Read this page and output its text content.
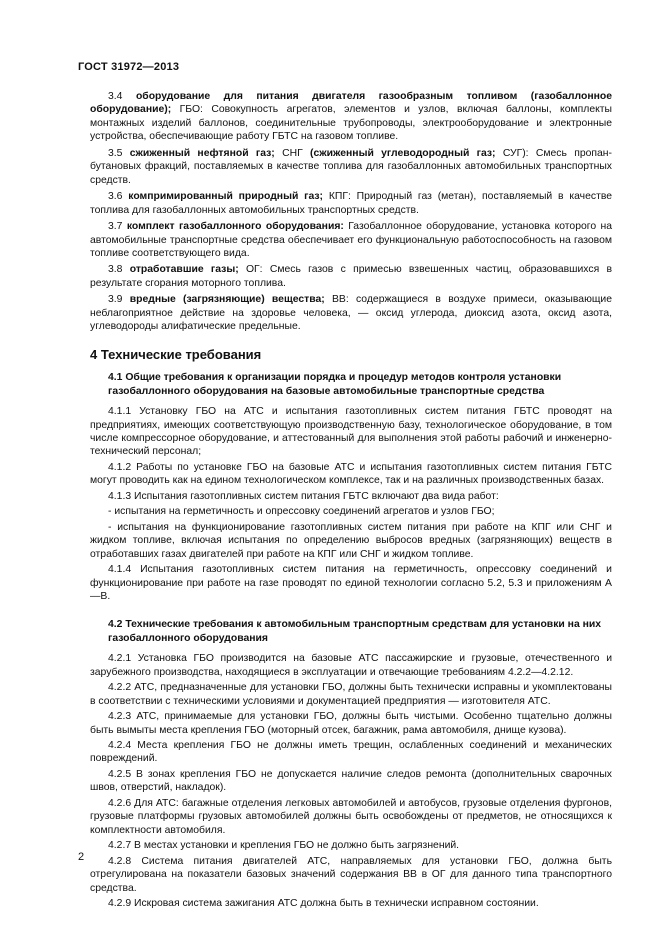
ГОСТ 31972—2013

3.4 оборудование для питания двигателя газообразным топливом (газобаллонное оборудование); ГБО: Совокупность агрегатов, элементов и узлов, включая баллоны, комплекты монтажных изделий баллонов, соединительные трубопроводы, электрооборудование и электронные устройства, обеспечивающие работу ГБТС на газовом топливе.

3.5 сжиженный нефтяной газ; СНГ (сжиженный углеводородный газ; СУГ): Смесь пропан-бутановых фракций, поставляемых в качестве топлива для газобаллонных автомобильных транспортных средств.

3.6 компримированный природный газ; КПГ: Природный газ (метан), поставляемый в качестве топлива для газобаллонных автомобильных транспортных средств.

3.7 комплект газобаллонного оборудования: Газобаллонное оборудование, установка которого на автомобильные транспортные средства обеспечивает его функциональную работоспособность на газовом топливе соответствующего вида.

3.8 отработавшие газы; ОГ: Смесь газов с примесью взвешенных частиц, образовавшихся в результате сгорания моторного топлива.

3.9 вредные (загрязняющие) вещества; ВВ: содержащиеся в воздухе примеси, оказывающие неблагоприятное действие на здоровье человека, — оксид углерода, диоксид азота, оксид азота, углеводороды алифатические предельные.

4 Технические требования
4.1 Общие требования к организации порядка и процедур методов контроля установки газобаллонного оборудования на базовые автомобильные транспортные средства

4.1.1 Установку ГБО на АТС и испытания газотопливных систем питания ГБТС проводят на предприятиях, имеющих соответствующую производственную базу, технологическое оборудование, в том числе компрессорное оборудование, и аттестованный для выполнения этой работы рабочий и инженерно-технический персонал;

4.1.2 Работы по установке ГБО на базовые АТС и испытания газотопливных систем питания ГБТС могут проводить как на едином технологическом комплексе, так и на различных производственных базах.

4.1.3 Испытания газотопливных систем питания ГБТС включают два вида работ:

- испытания на герметичность и опрессовку соединений агрегатов и узлов ГБО;

- испытания на функционирование газотопливных систем питания при работе на КПГ или СНГ и жидком топливе, включая испытания по определению выбросов вредных (загрязняющих) веществ в отработавших газах двигателей при работе на КПГ или СНГ и жидком топливе.

4.1.4 Испытания газотопливных систем питания на герметичность, опрессовку соединений и функционирование при работе на газе проводят по единой технологии согласно 5.2, 5.3 и приложениям А—В.

4.2 Технические требования к автомобильным транспортным средствам для установки на них газобаллонного оборудования

4.2.1 Установка ГБО производится на базовые АТС пассажирские и грузовые, отечественного и зарубежного производства, находящиеся в эксплуатации и отвечающие требованиям 4.2.2—4.2.12.

4.2.2 АТС, предназначенные для установки ГБО, должны быть технически исправны и укомплектованы в соответствии с техническими условиями и документацией предприятия — изготовителя АТС.

4.2.3 АТС, принимаемые для установки ГБО, должны быть чистыми. Особенно тщательно должны быть вымыты места крепления ГБО (моторный отсек, багажник, рама автомобиля, днище кузова).

4.2.4 Места крепления ГБО не должны иметь трещин, ослабленных соединений и механических повреждений.

4.2.5 В зонах крепления ГБО не допускается наличие следов ремонта (дополнительных сварочных швов, отверстий, накладок).

4.2.6 Для АТС: багажные отделения легковых автомобилей и автобусов, грузовые отделения фургонов, грузовые платформы грузовых автомобилей должны быть освобождены от предметов, не относящихся к комплектности автомобиля.

4.2.7 В местах установки и крепления ГБО не должно быть загрязнений.

4.2.8 Система питания двигателей АТС, направляемых для установки ГБО, должна быть отрегулирована на показатели базовых значений содержания ВВ в ОГ для данного типа транспортного средства.

4.2.9 Искровая система зажигания АТС должна быть в технически исправном состоянии.

2
